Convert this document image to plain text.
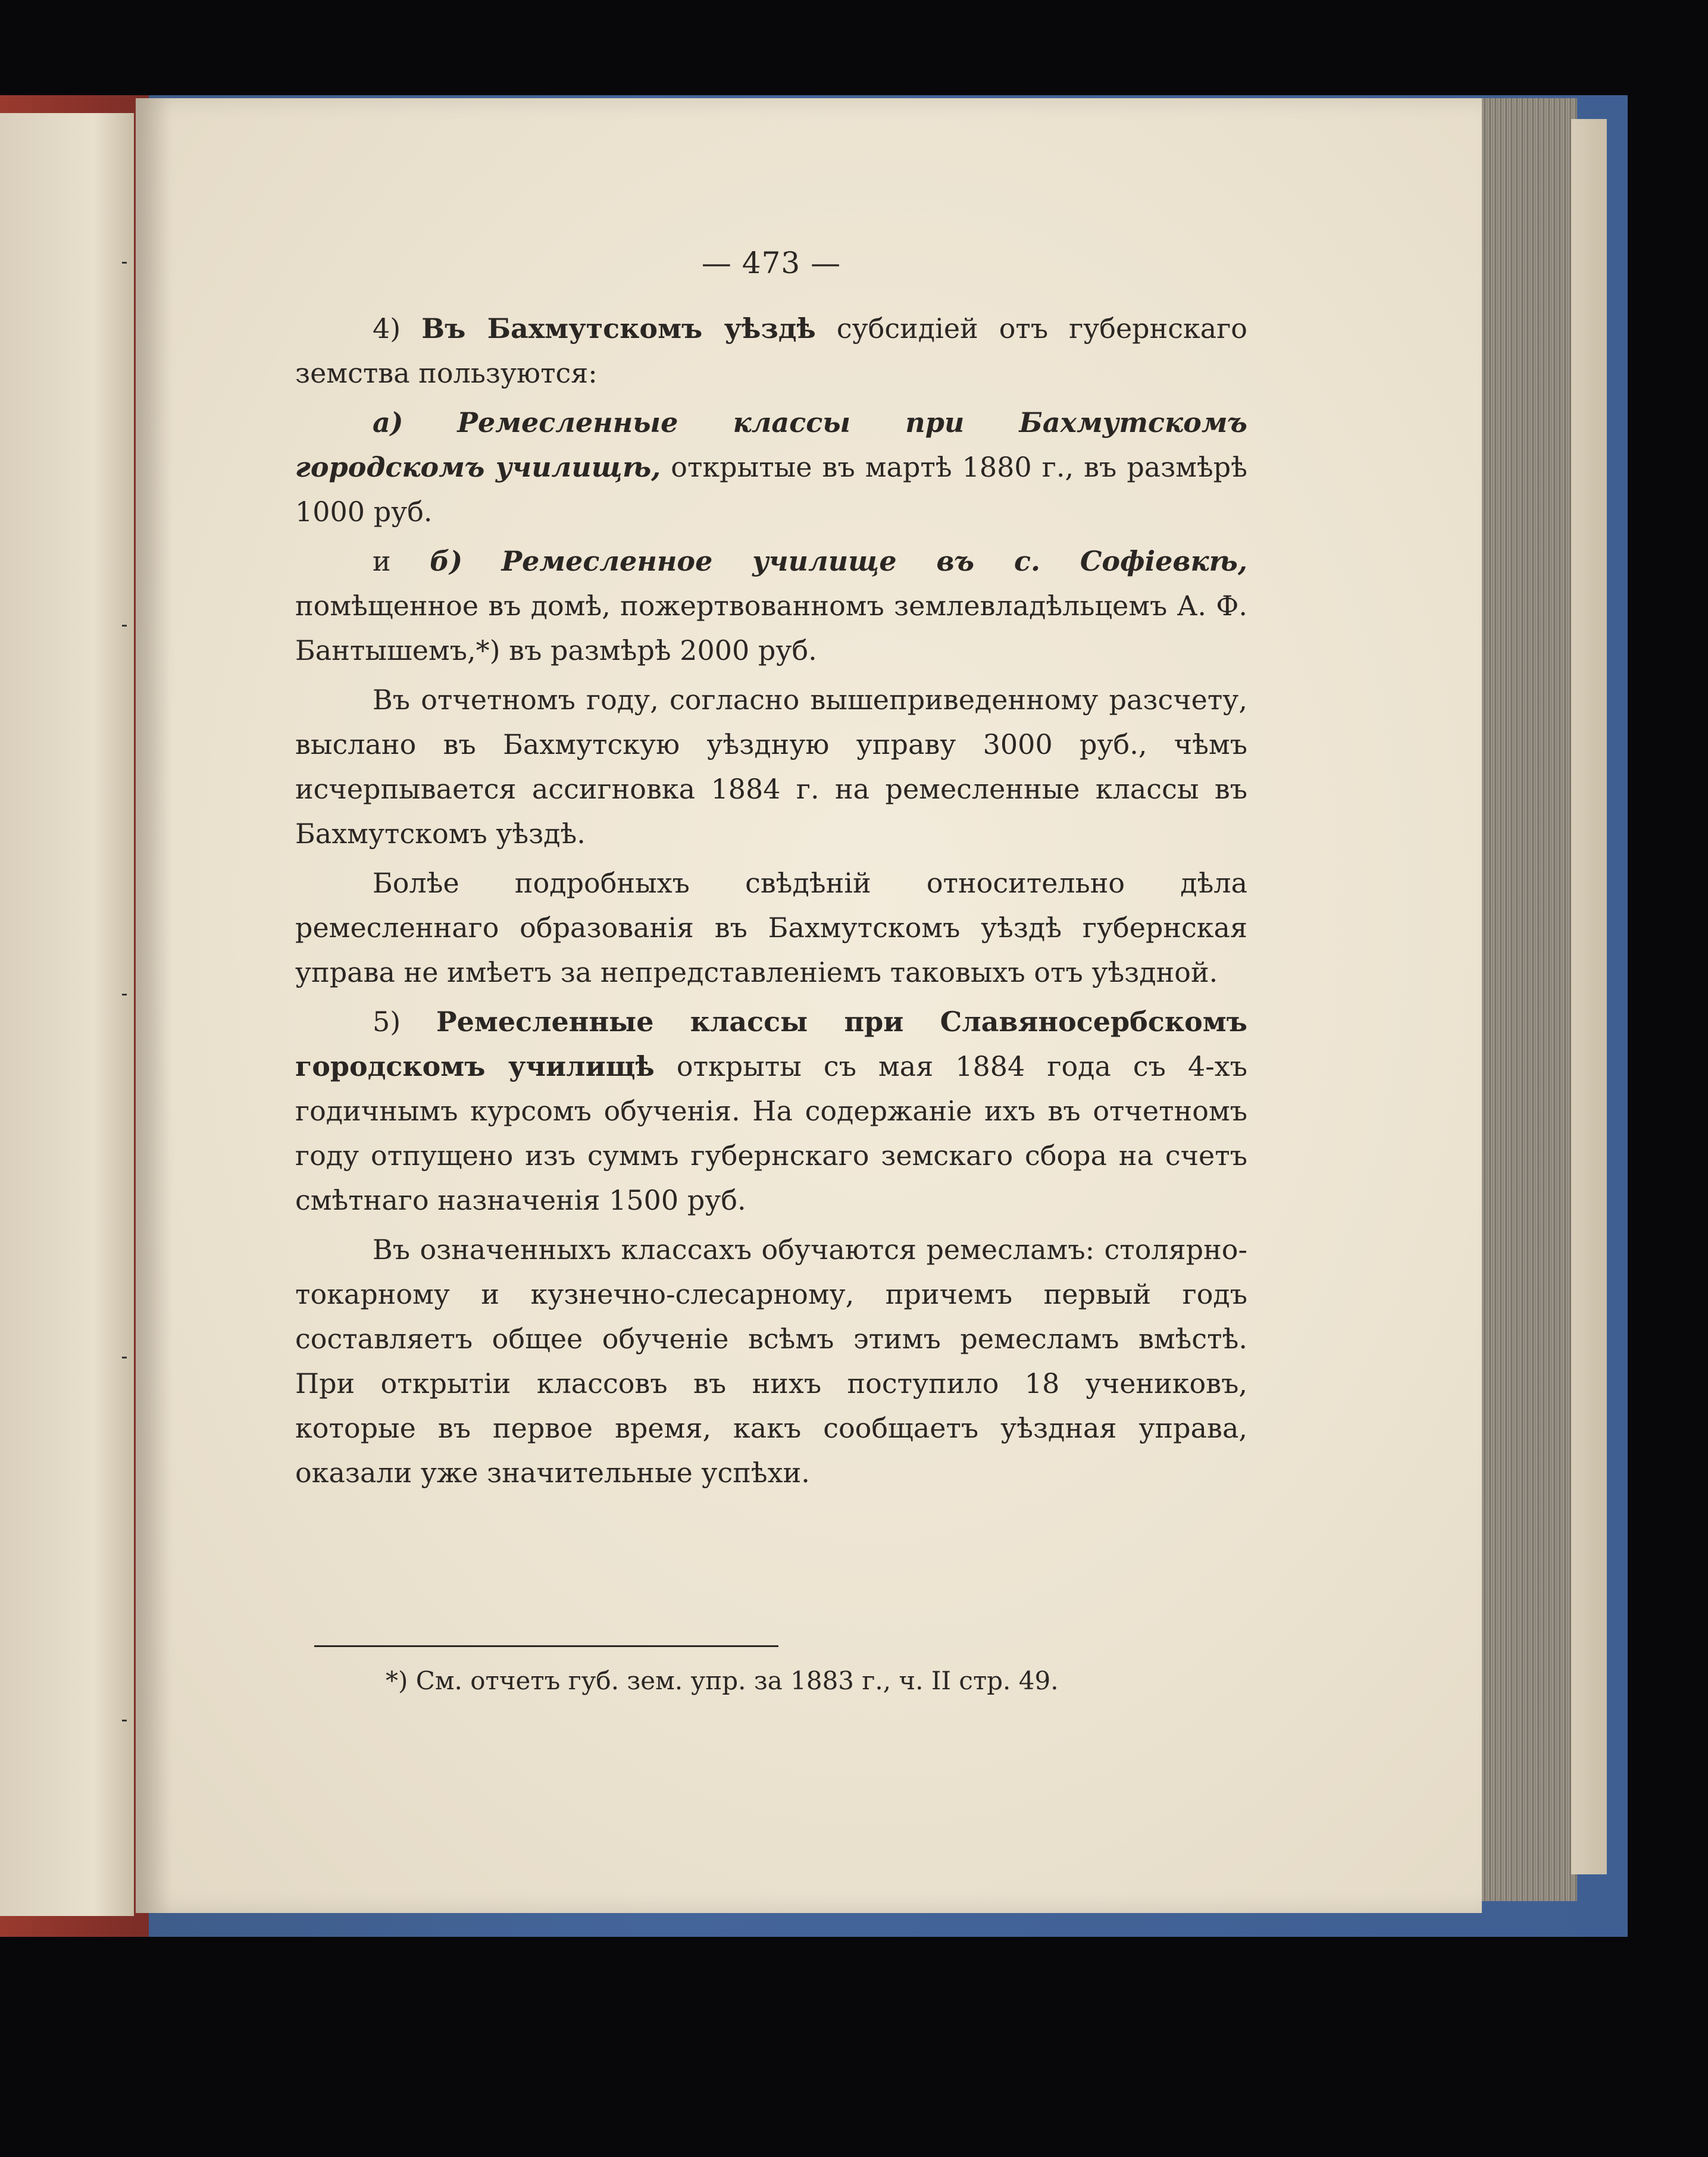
— 473 —

4) Въ Бахмутскомъ уѣздѣ субсидіей отъ губернскаго земства пользуются:

а) Ремесленные классы при Бахмутскомъ городскомъ училищѣ, открытые въ мартѣ 1880 г., въ размѣрѣ 1000 руб.

и б) Ремесленное училище въ с. Софіевкѣ, помѣщенное въ домѣ, пожертвованномъ землевладѣльцемъ А. Ф. Бантышемъ,*) въ размѣрѣ 2000 руб.

Въ отчетномъ году, согласно вышеприведенному разсчету, выслано въ Бахмутскую уѣздную управу 3000 руб., чѣмъ исчерпывается ассигновка 1884 г. на ремесленные классы въ Бахмутскомъ уѣздѣ.

Болѣе подробныхъ свѣдѣній относительно дѣла ремесленнаго образованія въ Бахмутскомъ уѣздѣ губернская управа не имѣетъ за непредставленіемъ таковыхъ отъ уѣздной.

5) Ремесленные классы при Славяносербскомъ городскомъ училищѣ открыты съ мая 1884 года съ 4-хъ годичнымъ курсомъ обученія. На содержаніе ихъ въ отчетномъ году отпущено изъ суммъ губернскаго земскаго сбора на счетъ смѣтнаго назначенія 1500 руб.

Въ означенныхъ классахъ обучаются ремесламъ: столярно-токарному и кузнечно-слесарному, причемъ первый годъ составляетъ общее обученіе всѣмъ этимъ ремесламъ вмѣстѣ. При открытіи классовъ въ нихъ поступило 18 учениковъ, которые въ первое время, какъ сообщаетъ уѣздная управа, оказали уже значительные успѣхи.

*) См. отчетъ губ. зем. упр. за 1883 г., ч. II стр. 49.
